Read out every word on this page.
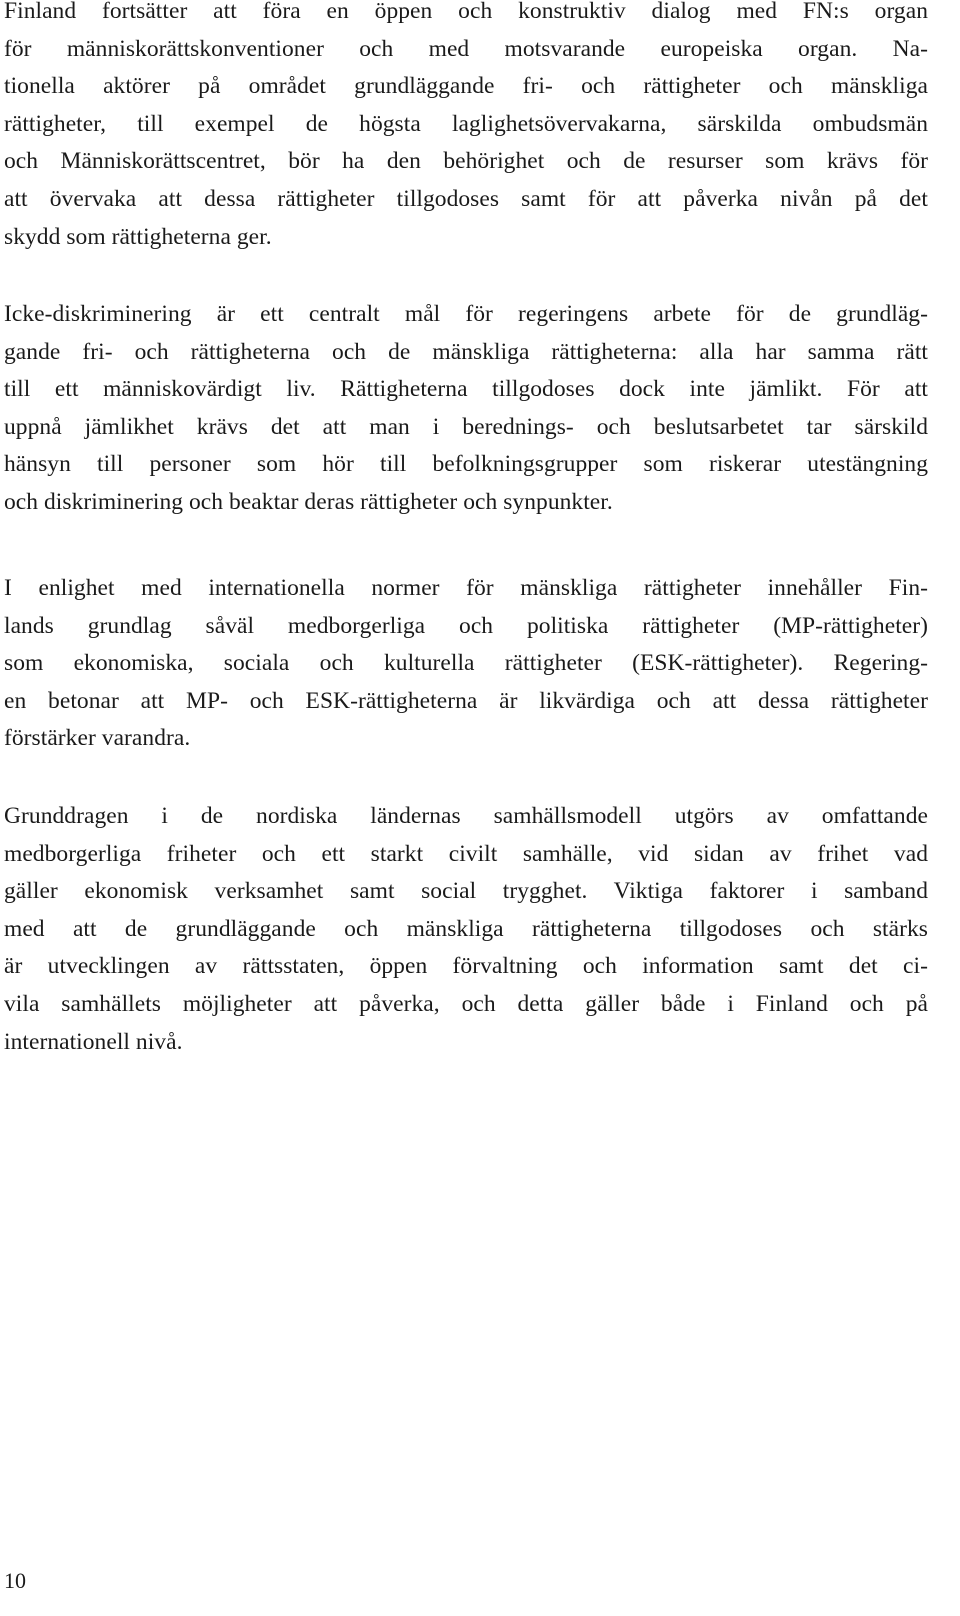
Finland fortsätter att föra en öppen och konstruktiv dialog med FN:s organ
för människorättskonventioner och med motsvarande europeiska organ. Na-
tionella aktörer på området grundläggande fri- och rättigheter och mänskliga
rättigheter, till exempel de högsta laglighetsövervakarna, särskilda ombudsmän
och Människorättscentret, bör ha den behörighet och de resurser som krävs för
att övervaka att dessa rättigheter tillgodoses samt för att påverka nivån på det
skydd som rättigheterna ger.
Icke-diskriminering är ett centralt mål för regeringens arbete för de grundläg-
gande fri- och rättigheterna och de mänskliga rättigheterna: alla har samma rätt
till ett människovärdigt liv. Rättigheterna tillgodoses dock inte jämlikt. För att
uppnå jämlikhet krävs det att man i berednings- och beslutsarbetet tar särskild
hänsyn till personer som hör till befolkningsgrupper som riskerar utestängning
och diskriminering och beaktar deras rättigheter och synpunkter.
I enlighet med internationella normer för mänskliga rättigheter innehåller Fin-
lands grundlag såväl medborgerliga och politiska rättigheter (MP-rättigheter)
som ekonomiska, sociala och kulturella rättigheter (ESK-rättigheter). Regering-
en betonar att MP- och ESK-rättigheterna är likvärdiga och att dessa rättigheter
förstärker varandra.
Grunddragen i de nordiska ländernas samhällsmodell utgörs av omfattande
medborgerliga friheter och ett starkt civilt samhälle, vid sidan av frihet vad
gäller ekonomisk verksamhet samt social trygghet. Viktiga faktorer i samband
med att de grundläggande och mänskliga rättigheterna tillgodoses och stärks
är utvecklingen av rättsstaten, öppen förvaltning och information samt det ci-
vila samhällets möjligheter att påverka, och detta gäller både i Finland och på
internationell nivå.
10
